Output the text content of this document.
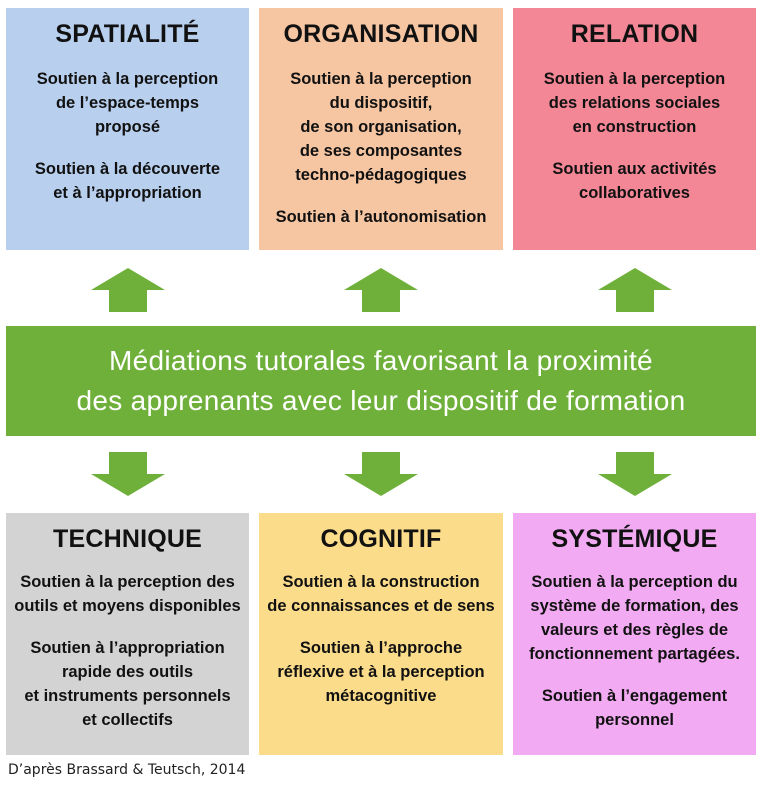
SPATIALITÉ

Soutien à la perception
de l’espace-temps
proposé

Soutien à la découverte
et à l’appropriation

ORGANISATION

Soutien à la perception
du dispositif,
de son organisation,
de ses composantes
techno-pédagogiques

Soutien à l’autonomisation

RELATION

Soutien à la perception
des relations sociales
en construction

Soutien aux activités
collaboratives

Médiations tutorales favorisant la proximité
des apprenants avec leur dispositif de formation
TECHNIQUE

Soutien à la perception des
outils et moyens disponibles

Soutien à l’appropriation
rapide des outils
et instruments personnels
et collectifs

COGNITIF

Soutien à la construction
de connaissances et de sens

Soutien à l’approche
réflexive et à la perception
métacognitive

SYSTÉMIQUE

Soutien à la perception du
système de formation, des
valeurs et des règles de
fonctionnement partagées.

Soutien à l’engagement
personnel

D’après Brassard & Teutsch, 2014
